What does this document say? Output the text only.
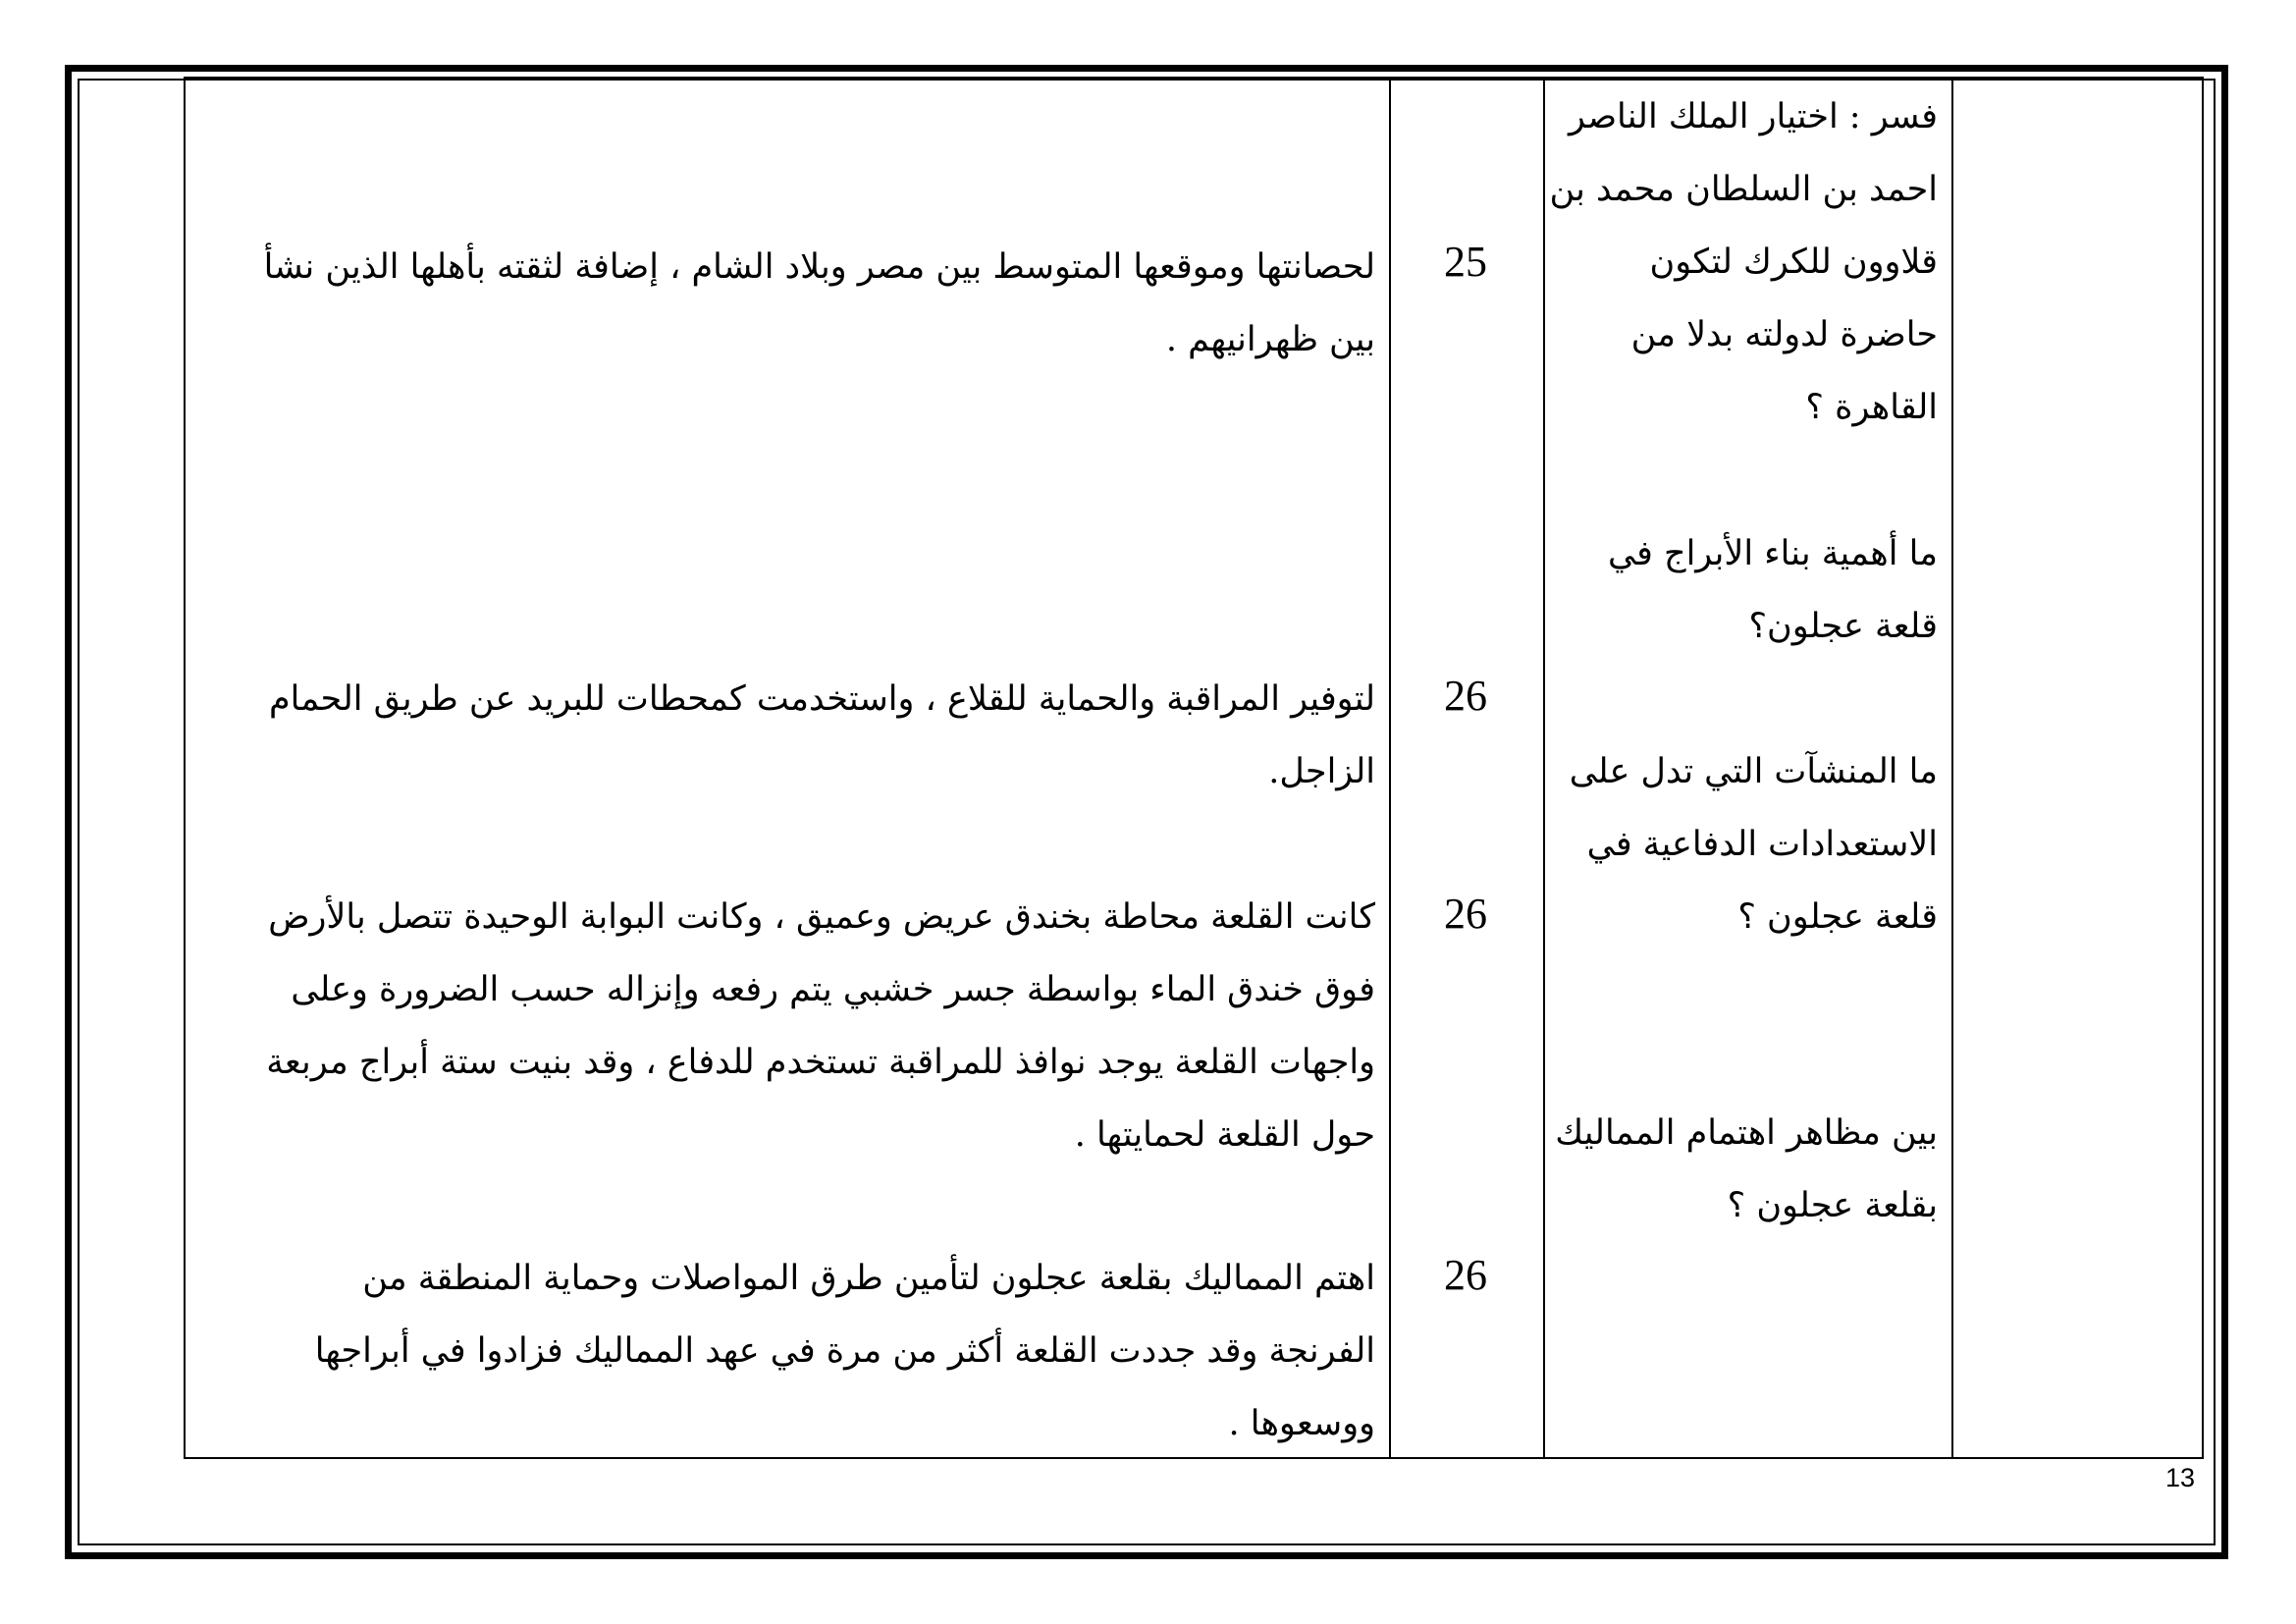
لحصانتها وموقعها المتوسط بين مصر وبلاد الشام ، إضافة لثقته بأهلها الذين نشأ بين ظهرانيهم .
25
فسر : اختيار الملك الناصر احمد بن السلطان محمد بن قلاوون للكرك لتكون حاضرة لدولته بدلا من القاهرة ؟
لتوفير المراقبة والحماية للقلاع ، واستخدمت كمحطات للبريد عن طريق الحمام الزاجل.
26
ما أهمية بناء الأبراج في قلعة عجلون؟
كانت القلعة محاطة بخندق عريض وعميق ، وكانت البوابة الوحيدة تتصل بالأرض فوق خندق الماء بواسطة جسر خشبي يتم رفعه وإنزاله حسب الضرورة وعلى واجهات القلعة يوجد نوافذ للمراقبة تستخدم للدفاع ، وقد بنيت ستة أبراج مربعة حول القلعة لحمايتها .
26
ما المنشآت التي تدل على الاستعدادات الدفاعية في قلعة عجلون ؟
اهتم المماليك بقلعة عجلون لتأمين طرق المواصلات وحماية المنطقة من الفرنجة وقد جددت القلعة أكثر من مرة في عهد المماليك فزادوا في أبراجها ووسعوها .
26
بين مظاهر اهتمام المماليك بقلعة عجلون ؟
13
